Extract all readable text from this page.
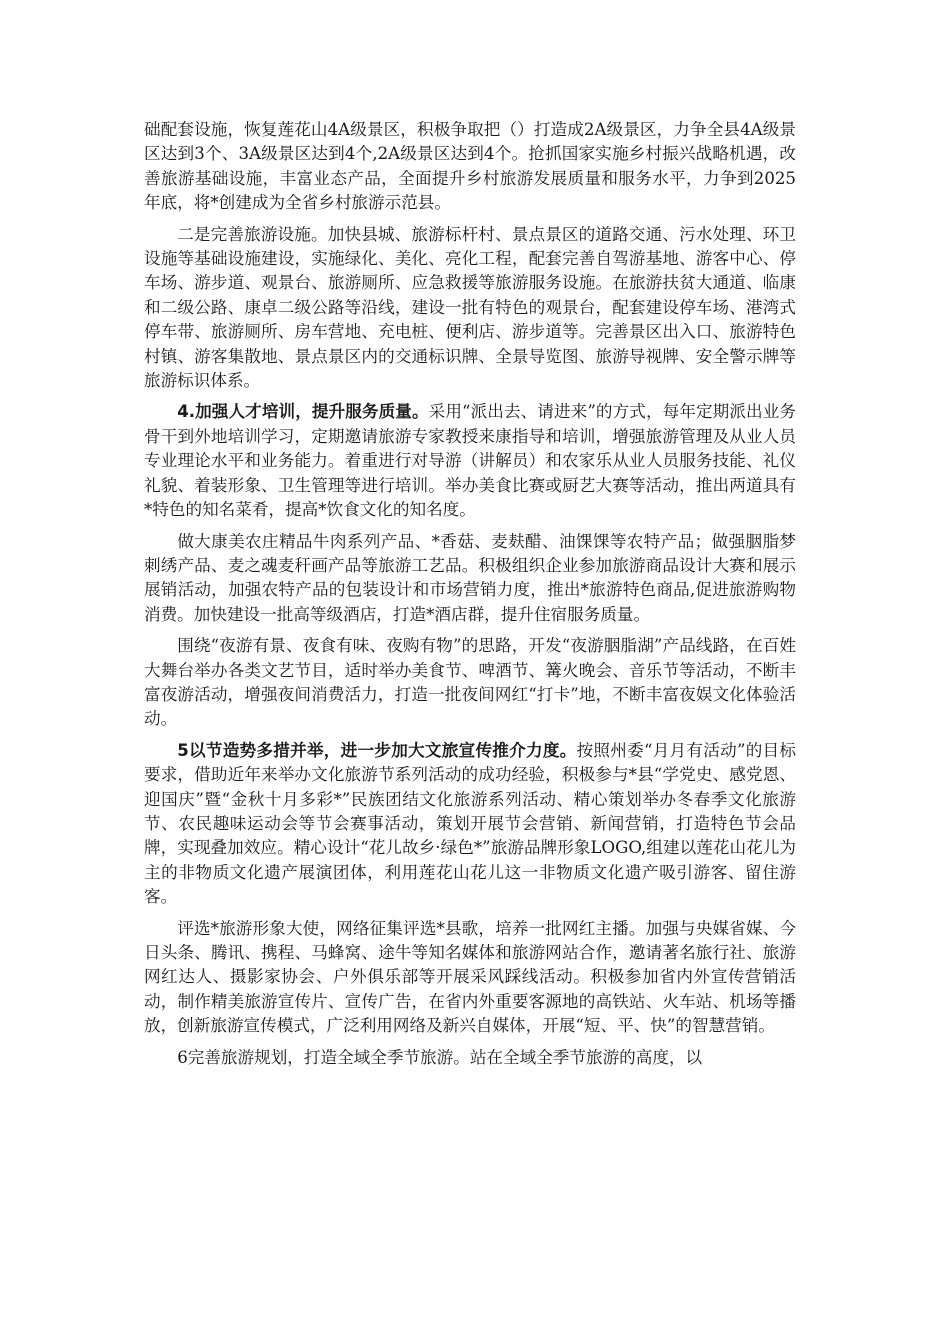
础配套设施，恢复莲花山4A级景区，积极争取把（）打造成2A级景区，力争全县4A级景区达到3个、3A级景区达到4个,2A级景区达到4个。抢抓国家实施乡村振兴战略机遇，改善旅游基础设施，丰富业态产品，全面提升乡村旅游发展质量和服务水平，力争到2025年底，将*创建成为全省乡村旅游示范县。

二是完善旅游设施。加快县城、旅游标杆村、景点景区的道路交通、污水处理、环卫设施等基础设施建设，实施绿化、美化、亮化工程，配套完善自驾游基地、游客中心、停车场、游步道、观景台、旅游厕所、应急救援等旅游服务设施。在旅游扶贫大通道、临康和二级公路、康卓二级公路等沿线，建设一批有特色的观景台，配套建设停车场、港湾式停车带、旅游厕所、房车营地、充电桩、便利店、游步道等。完善景区出入口、旅游特色村镇、游客集散地、景点景区内的交通标识牌、全景导览图、旅游导视牌、安全警示牌等旅游标识体系。

4.加强人才培训，提升服务质量。采用“派出去、请进来”的方式，每年定期派出业务骨干到外地培训学习，定期邀请旅游专家教授来康指导和培训，增强旅游管理及从业人员专业理论水平和业务能力。着重进行对导游（讲解员）和农家乐从业人员服务技能、礼仪礼貌、着装形象、卫生管理等进行培训。举办美食比赛或厨艺大赛等活动，推出两道具有*特色的知名菜肴，提高*饮食文化的知名度。

做大康美农庄精品牛肉系列产品、*香菇、麦麸醋、油馃馃等农特产品；做强胭脂梦刺绣产品、麦之魂麦秆画产品等旅游工艺品。积极组织企业参加旅游商品设计大赛和展示展销活动，加强农特产品的包装设计和市场营销力度，推出*旅游特色商品,促进旅游购物消费。加快建设一批高等级酒店，打造*酒店群，提升住宿服务质量。

围绕“夜游有景、夜食有味、夜购有物”的思路，开发“夜游胭脂湖”产品线路，在百姓大舞台举办各类文艺节目，适时举办美食节、啤酒节、篝火晚会、音乐节等活动，不断丰富夜游活动，增强夜间消费活力，打造一批夜间网红“打卡”地，不断丰富夜娱文化体验活动。

5以节造势多措并举，进一步加大文旅宣传推介力度。按照州委“月月有活动”的目标要求，借助近年来举办文化旅游节系列活动的成功经验，积极参与*县“学党史、感党恩、迎国庆”暨“金秋十月多彩*”民族团结文化旅游系列活动、精心策划举办冬春季文化旅游节、农民趣味运动会等节会赛事活动，策划开展节会营销、新闻营销，打造特色节会品牌，实现叠加效应。精心设计“花儿故乡·绿色*”旅游品牌形象LOGO,组建以莲花山花儿为主的非物质文化遗产展演团体，利用莲花山花儿这一非物质文化遗产吸引游客、留住游客。

评选*旅游形象大使，网络征集评选*县歌，培养一批网红主播。加强与央媒省媒、今日头条、腾讯、携程、马蜂窝、途牛等知名媒体和旅游网站合作，邀请著名旅行社、旅游网红达人、摄影家协会、户外俱乐部等开展采风踩线活动。积极参加省内外宣传营销活动，制作精美旅游宣传片、宣传广告，在省内外重要客源地的高铁站、火车站、机场等播放，创新旅游宣传模式，广泛利用网络及新兴自媒体，开展“短、平、快”的智慧营销。

6完善旅游规划，打造全域全季节旅游。站在全域全季节旅游的高度，以
